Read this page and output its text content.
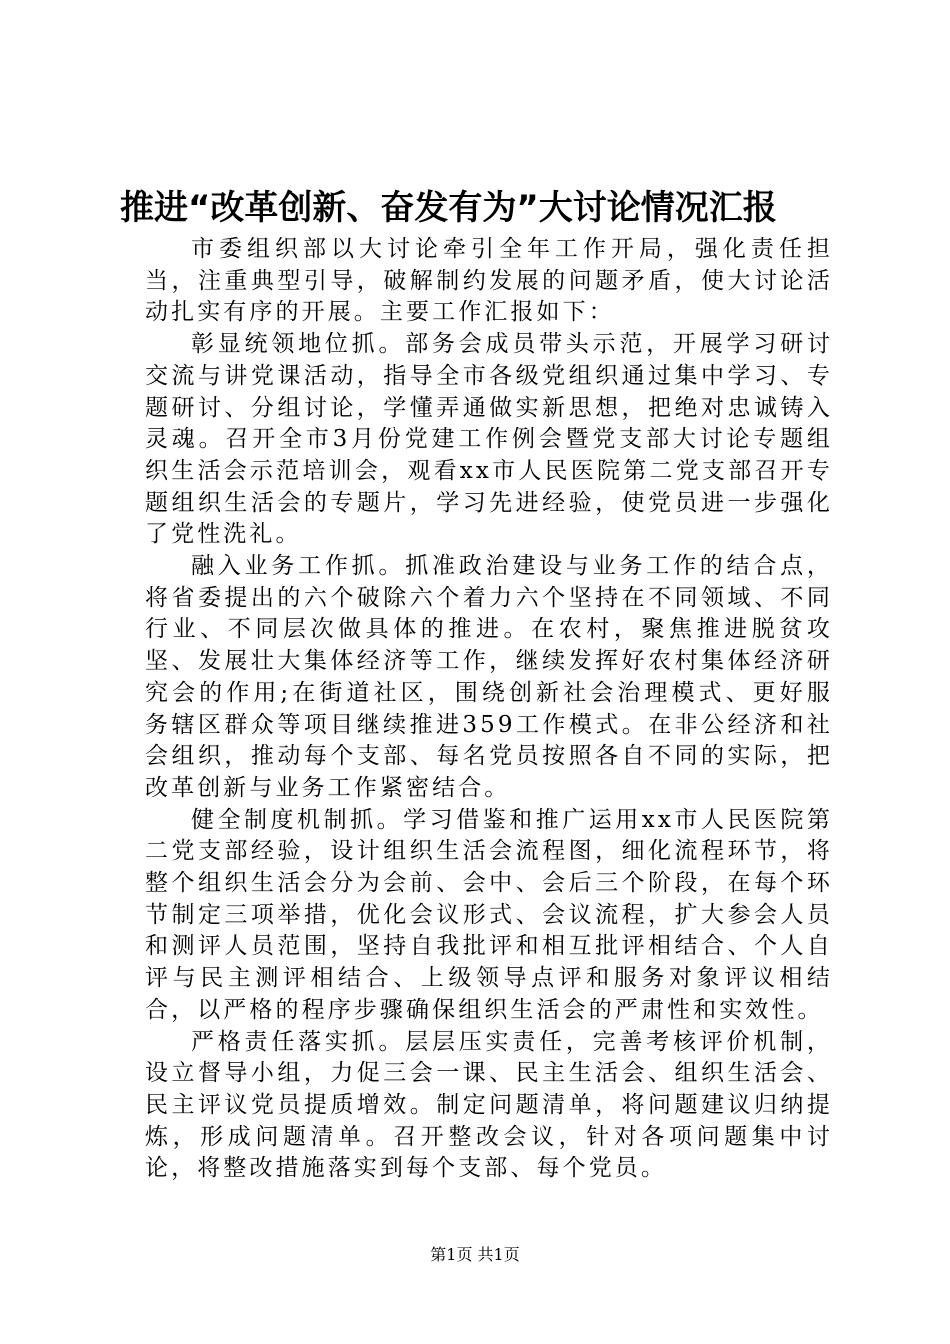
推进“改革创新、奋发有为”大讨论情况汇报

市委组织部以大讨论牵引全年工作开局，强化责任担当，注重典型引导，破解制约发展的问题矛盾，使大讨论活动扎实有序的开展。主要工作汇报如下：

彰显统领地位抓。部务会成员带头示范，开展学习研讨交流与讲党课活动，指导全市各级党组织通过集中学习、专题研讨、分组讨论，学懂弄通做实新思想，把绝对忠诚铸入灵魂。召开全市3月份党建工作例会暨党支部大讨论专题组织生活会示范培训会，观看xx市人民医院第二党支部召开专题组织生活会的专题片，学习先进经验，使党员进一步强化了党性洗礼。

融入业务工作抓。抓准政治建设与业务工作的结合点，将省委提出的六个破除六个着力六个坚持在不同领域、不同行业、不同层次做具体的推进。在农村，聚焦推进脱贫攻坚、发展壮大集体经济等工作，继续发挥好农村集体经济研究会的作用;在街道社区，围绕创新社会治理模式、更好服务辖区群众等项目继续推进359工作模式。在非公经济和社会组织，推动每个支部、每名党员按照各自不同的实际，把改革创新与业务工作紧密结合。

健全制度机制抓。学习借鉴和推广运用xx市人民医院第二党支部经验，设计组织生活会流程图，细化流程环节，将整个组织生活会分为会前、会中、会后三个阶段，在每个环节制定三项举措，优化会议形式、会议流程，扩大参会人员和测评人员范围，坚持自我批评和相互批评相结合、个人自评与民主测评相结合、上级领导点评和服务对象评议相结合，以严格的程序步骤确保组织生活会的严肃性和实效性。

严格责任落实抓。层层压实责任，完善考核评价机制，设立督导小组，力促三会一课、民主生活会、组织生活会、民主评议党员提质增效。制定问题清单，将问题建议归纳提炼，形成问题清单。召开整改会议，针对各项问题集中讨论，将整改措施落实到每个支部、每个党员。

第1页 共1页
